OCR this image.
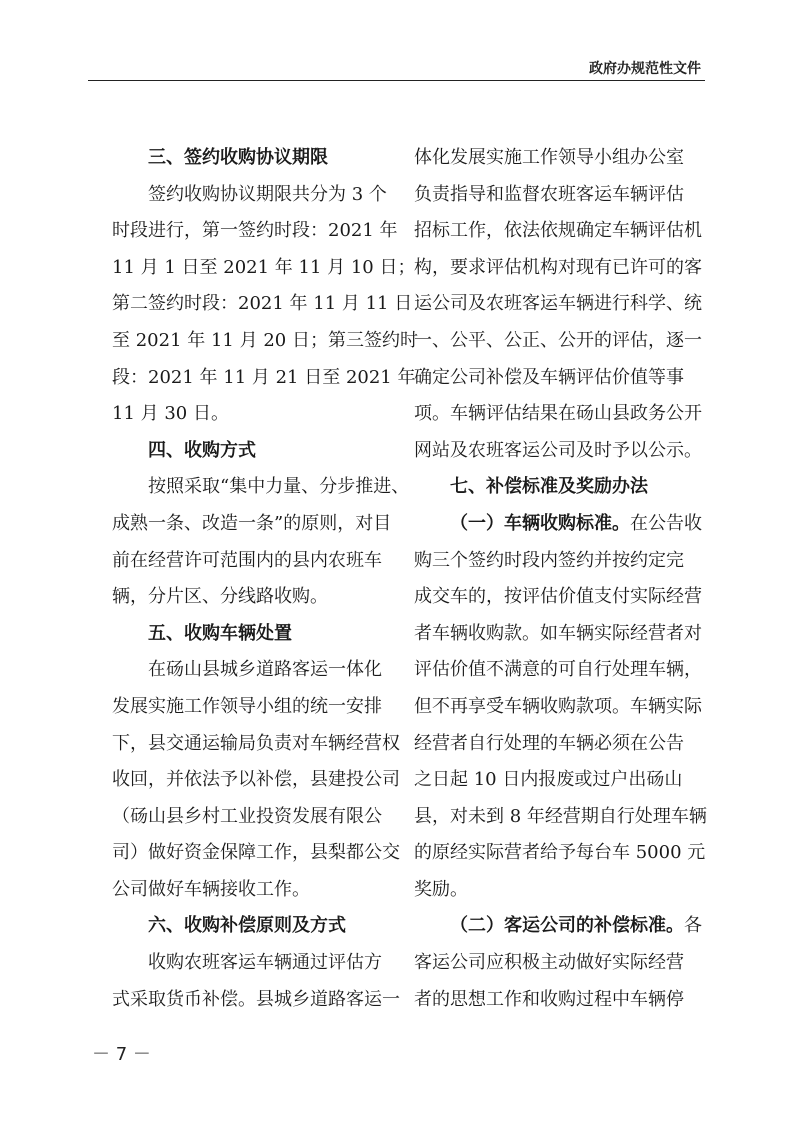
政府办规范性文件
三、签约收购协议期限
签约收购协议期限共分为 3 个
时段进行，第一签约时段：2021 年
11 月 1 日至 2021 年 11 月 10 日；
第二签约时段：2021 年 11 月 11 日
至 2021 年 11 月 20 日；第三签约时
段：2021 年 11 月 21 日至 2021 年
11 月 30 日。
四、收购方式
按照采取“集中力量、分步推进、
成熟一条、改造一条”的原则，对目
前在经营许可范围内的县内农班车
辆，分片区、分线路收购。
五、收购车辆处置
在砀山县城乡道路客运一体化
发展实施工作领导小组的统一安排
下，县交通运输局负责对车辆经营权
收回，并依法予以补偿，县建投公司
（砀山县乡村工业投资发展有限公
司）做好资金保障工作，县梨都公交
公司做好车辆接收工作。
六、收购补偿原则及方式
收购农班客运车辆通过评估方
式采取货币补偿。县城乡道路客运一
体化发展实施工作领导小组办公室
负责指导和监督农班客运车辆评估
招标工作，依法依规确定车辆评估机
构，要求评估机构对现有已许可的客
运公司及农班客运车辆进行科学、统
一、公平、公正、公开的评估，逐一
确定公司补偿及车辆评估价值等事
项。车辆评估结果在砀山县政务公开
网站及农班客运公司及时予以公示。
七、补偿标准及奖励办法
（一）车辆收购标准。在公告收
购三个签约时段内签约并按约定完
成交车的，按评估价值支付实际经营
者车辆收购款。如车辆实际经营者对
评估价值不满意的可自行处理车辆，
但不再享受车辆收购款项。车辆实际
经营者自行处理的车辆必须在公告
之日起 10 日内报废或过户出砀山
县，对未到 8 年经营期自行处理车辆
的原经实际营者给予每台车 5000 元
奖励。
（二）客运公司的补偿标准。各
客运公司应积极主动做好实际经营
者的思想工作和收购过程中车辆停
－ 7 －
